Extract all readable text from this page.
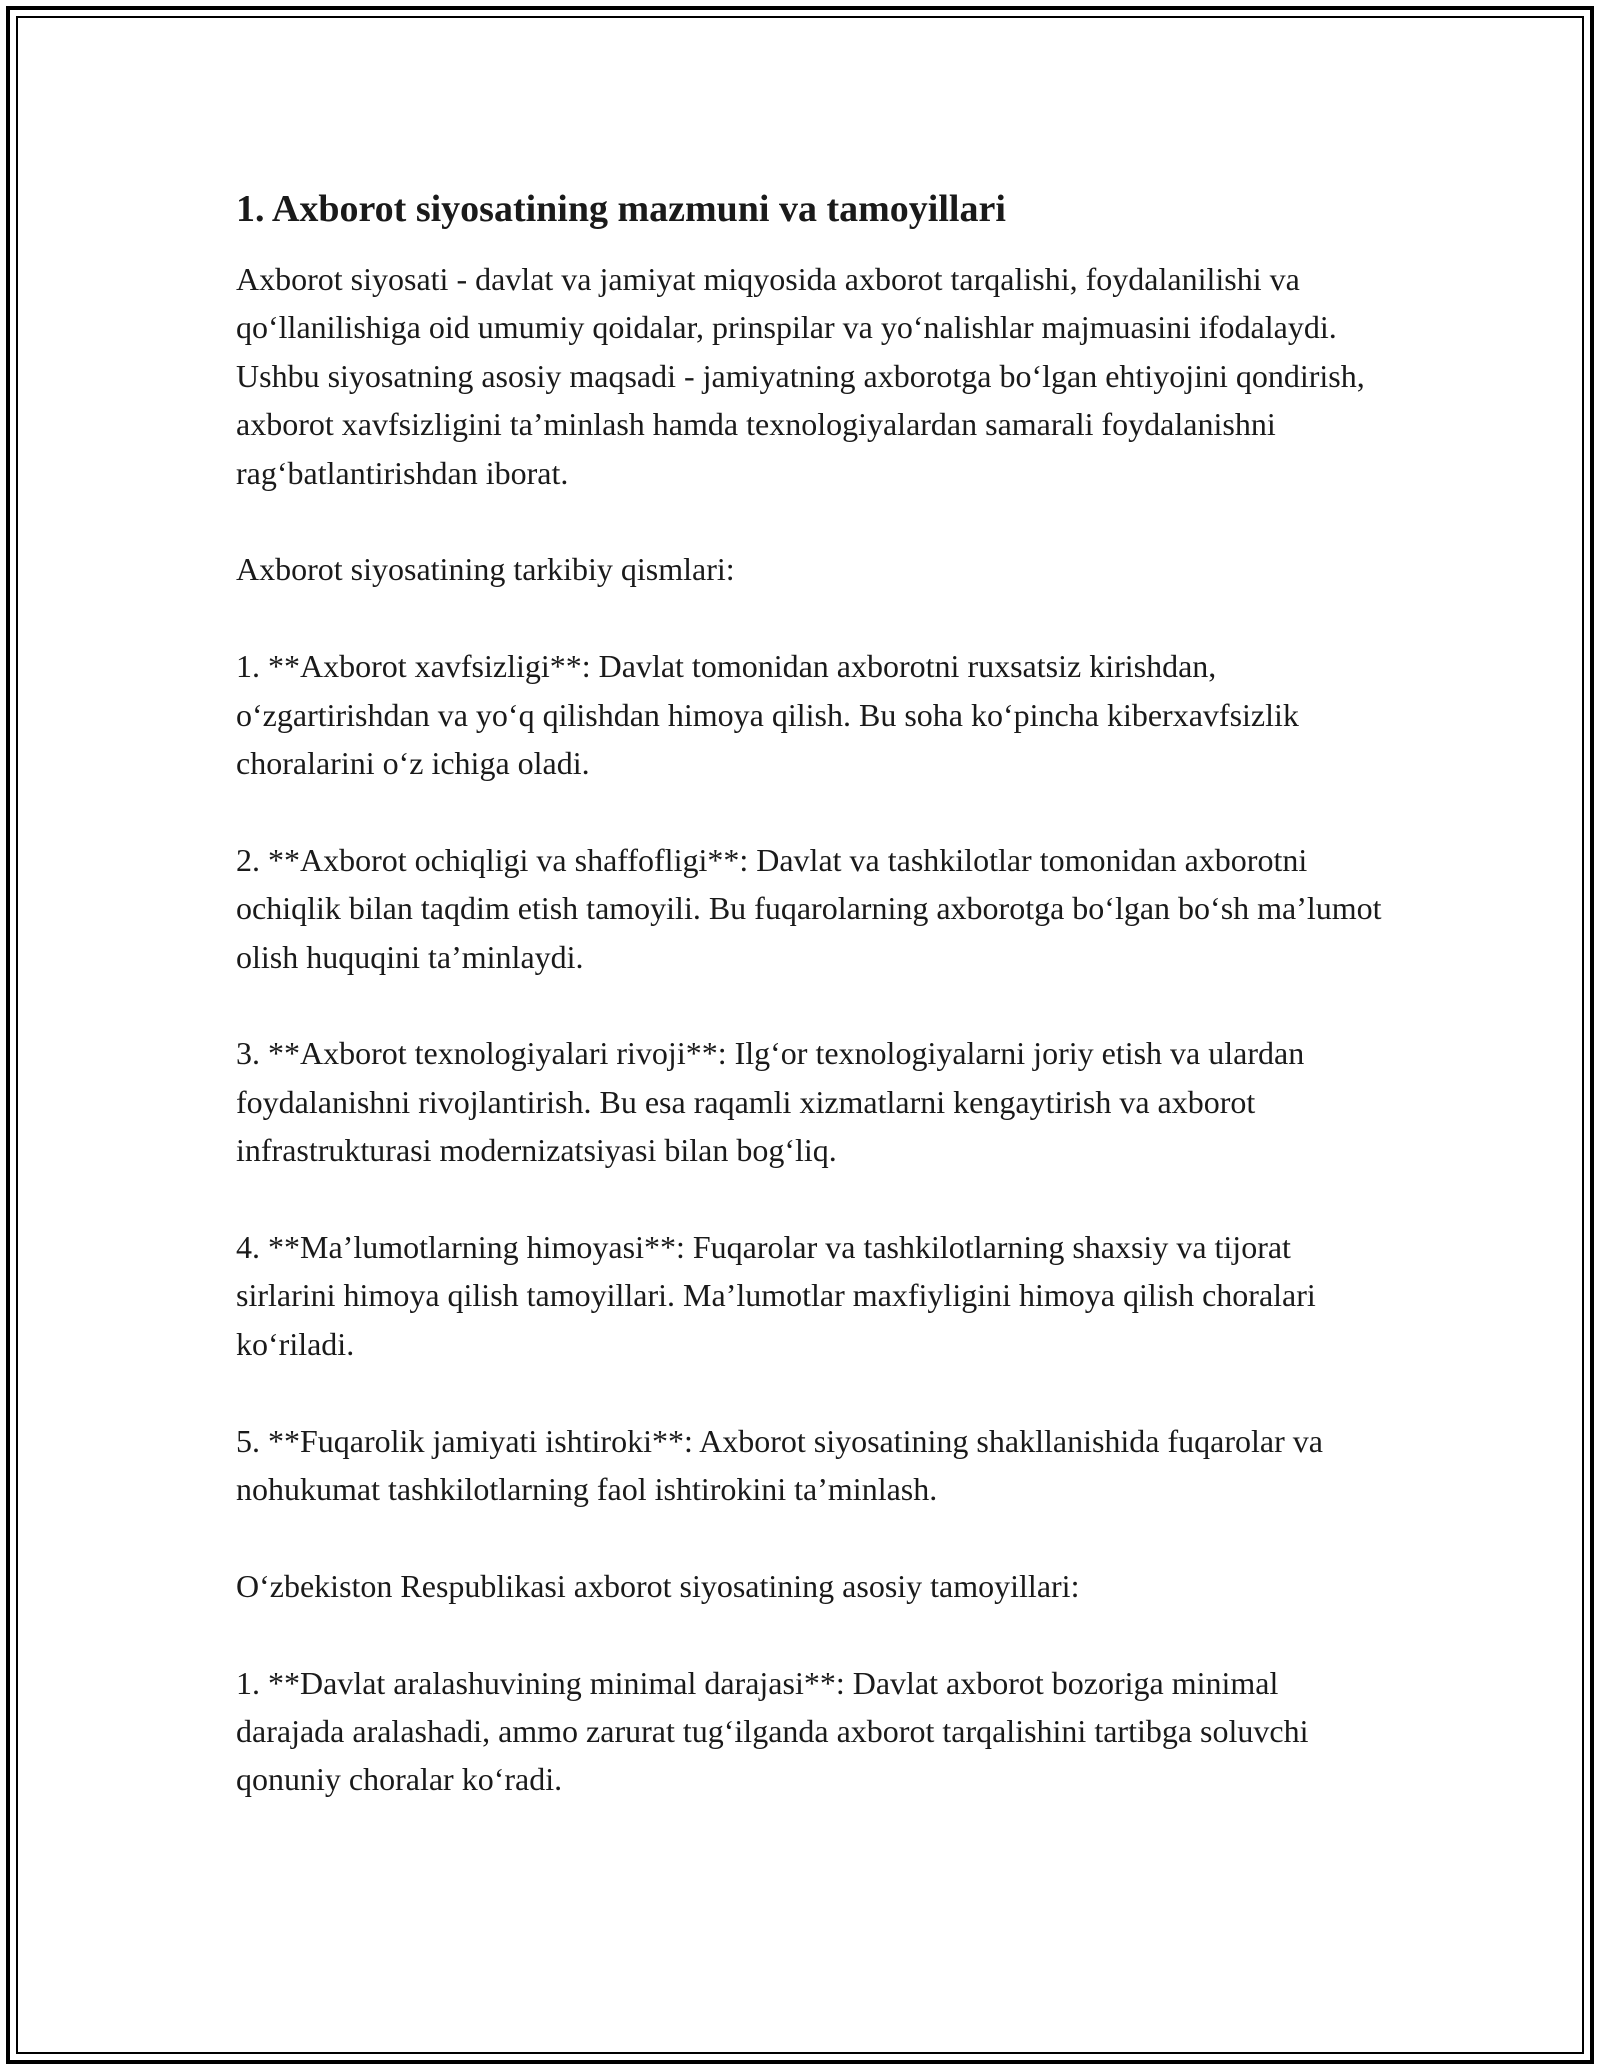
1. Axborot siyosatining mazmuni va tamoyillari
Axborot siyosati - davlat va jamiyat miqyosida axborot tarqalishi, foydalanilishi va qoʻllanilishiga oid umumiy qoidalar, prinspilar va yoʻnalishlar majmuasini ifodalaydi. Ushbu siyosatning asosiy maqsadi - jamiyatning axborotga boʻlgan ehtiyojini qondirish, axborot xavfsizligini taʼminlash hamda texnologiyalardan samarali foydalanishni ragʻbatlantirishdan iborat.
Axborot siyosatining tarkibiy qismlari:
1. **Axborot xavfsizligi**: Davlat tomonidan axborotni ruxsatsiz kirishdan, oʻzgartirishdan va yoʻq qilishdan himoya qilish. Bu soha koʻpincha kiberxavfsizlik choralarini oʻz ichiga oladi.
2. **Axborot ochiqligi va shaffofligi**: Davlat va tashkilotlar tomonidan axborotni ochiqlik bilan taqdim etish tamoyili. Bu fuqarolarning axborotga boʻlgan boʻsh maʼlumot olish huquqini taʼminlaydi.
3. **Axborot texnologiyalari rivoji**: Ilgʻor texnologiyalarni joriy etish va ulardan foydalanishni rivojlantirish. Bu esa raqamli xizmatlarni kengaytirish va axborot infrastrukturasi modernizatsiyasi bilan bogʻliq.
4. **Maʼlumotlarning himoyasi**: Fuqarolar va tashkilotlarning shaxsiy va tijorat sirlarini himoya qilish tamoyillari. Maʼlumotlar maxfiyligini himoya qilish choralari koʻriladi.
5. **Fuqarolik jamiyati ishtiroki**: Axborot siyosatining shakllanishida fuqarolar va nohukumat tashkilotlarning faol ishtirokini taʼminlash.
Oʻzbekiston Respublikasi axborot siyosatining asosiy tamoyillari:
1. **Davlat aralashuvining minimal darajasi**: Davlat axborot bozoriga minimal darajada aralashadi, ammo zarurat tugʻilganda axborot tarqalishini tartibga soluvchi qonuniy choralar koʻradi.
